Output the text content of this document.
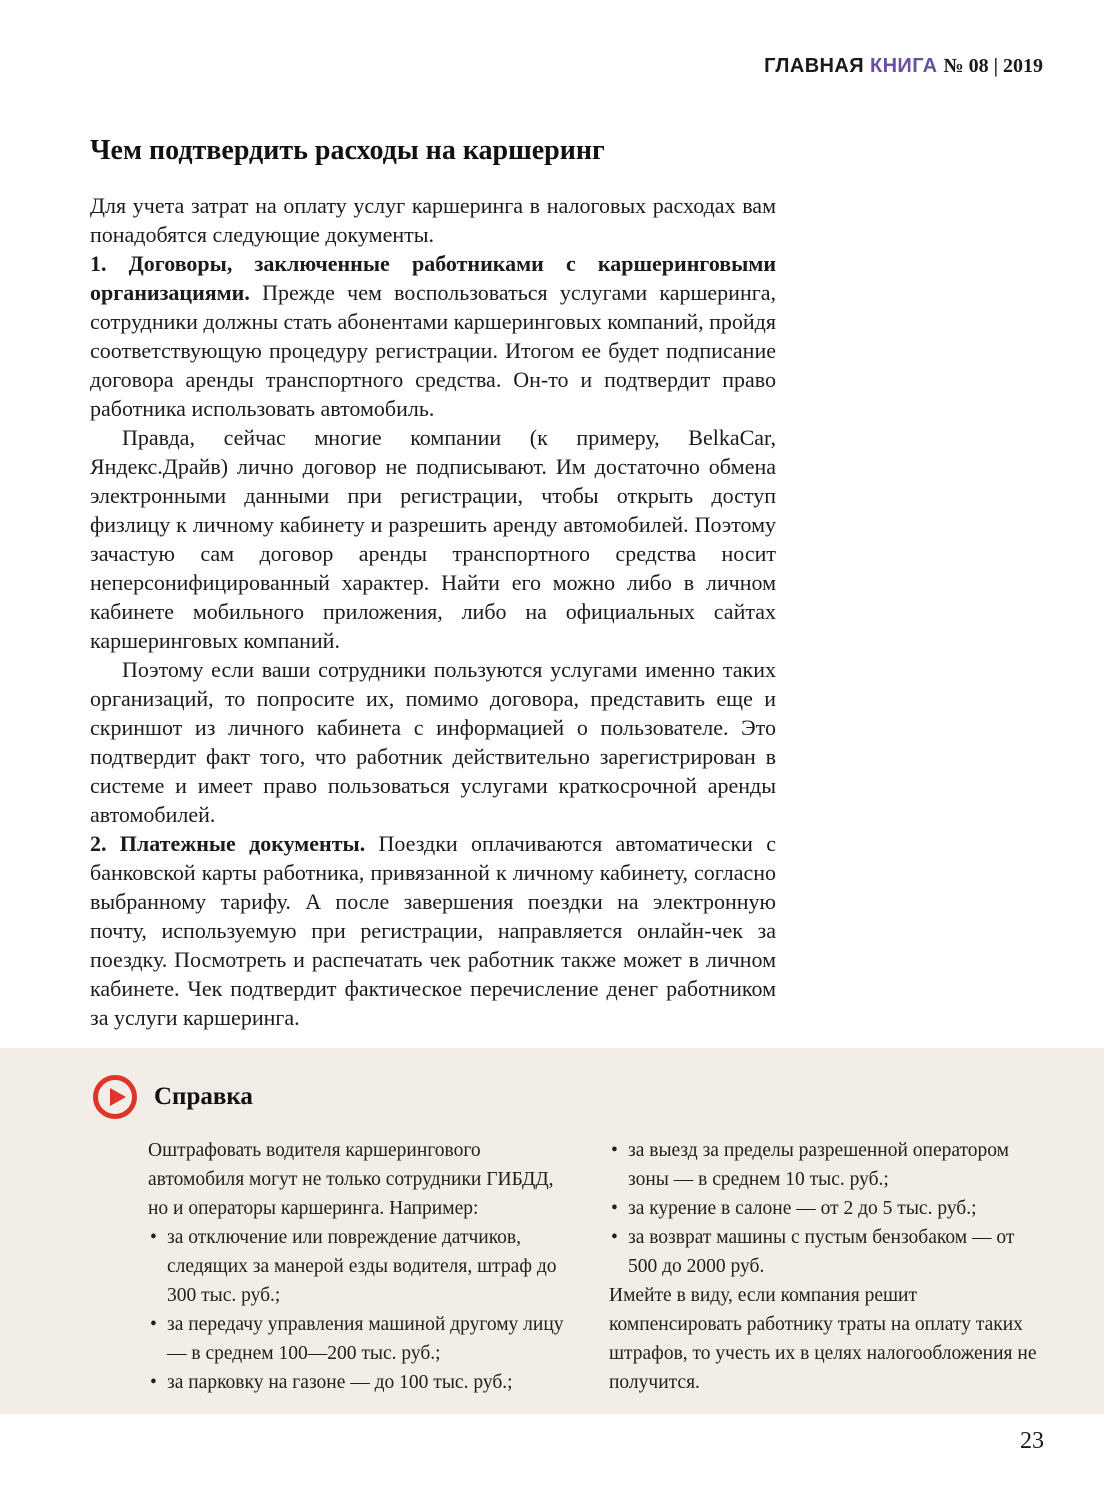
ГЛАВНАЯ КНИГА № 08 | 2019
Чем подтвердить расходы на каршеринг

Для учета затрат на оплату услуг каршеринга в налоговых расходах вам понадобятся следующие документы.

1. Договоры, заключенные работниками с каршеринговыми организациями. Прежде чем воспользоваться услугами каршеринга, сотрудники должны стать абонентами каршеринговых компаний, пройдя соответствующую процедуру регистрации. Итогом ее будет подписание договора аренды транспортного средства. Он-то и подтвердит право работника использовать автомобиль.

Правда, сейчас многие компании (к примеру, BelkaCar, Яндекс.Драйв) лично договор не подписывают. Им достаточно обмена электронными данными при регистрации, чтобы открыть доступ физлицу к личному кабинету и разрешить аренду автомобилей. Поэтому зачастую сам договор аренды транспортного средства носит неперсонифицированный характер. Найти его можно либо в личном кабинете мобильного приложения, либо на официальных сайтах каршеринговых компаний.

Поэтому если ваши сотрудники пользуются услугами именно таких организаций, то попросите их, помимо договора, представить еще и скриншот из личного кабинета с информацией о пользователе. Это подтвердит факт того, что работник действительно зарегистрирован в системе и имеет право пользоваться услугами краткосрочной аренды автомобилей.

2. Платежные документы. Поездки оплачиваются автоматически с банковской карты работника, привязанной к личному кабинету, согласно выбранному тарифу. А после завершения поездки на электронную почту, используемую при регистрации, направляется онлайн-чек за поездку. Посмотреть и распечатать чек работник также может в личном кабинете. Чек подтвердит фактическое перечисление денег работником за услуги каршеринга.

Справка

Оштрафовать водителя каршерингового автомобиля могут не только сотрудники ГИБДД, но и операторы каршеринга. Например:

• за отключение или повреждение датчиков, следящих за манерой езды водителя, штраф до 300 тыс. руб.;
• за передачу управления машиной другому лицу — в среднем 100—200 тыс. руб.;
• за парковку на газоне — до 100 тыс. руб.;
• за выезд за пределы разрешенной оператором зоны — в среднем 10 тыс. руб.;
• за курение в салоне — от 2 до 5 тыс. руб.;
• за возврат машины с пустым бензобаком — от 500 до 2000 руб.

Имейте в виду, если компания решит компенсировать работнику траты на оплату таких штрафов, то учесть их в целях налогообложения не получится.

23
